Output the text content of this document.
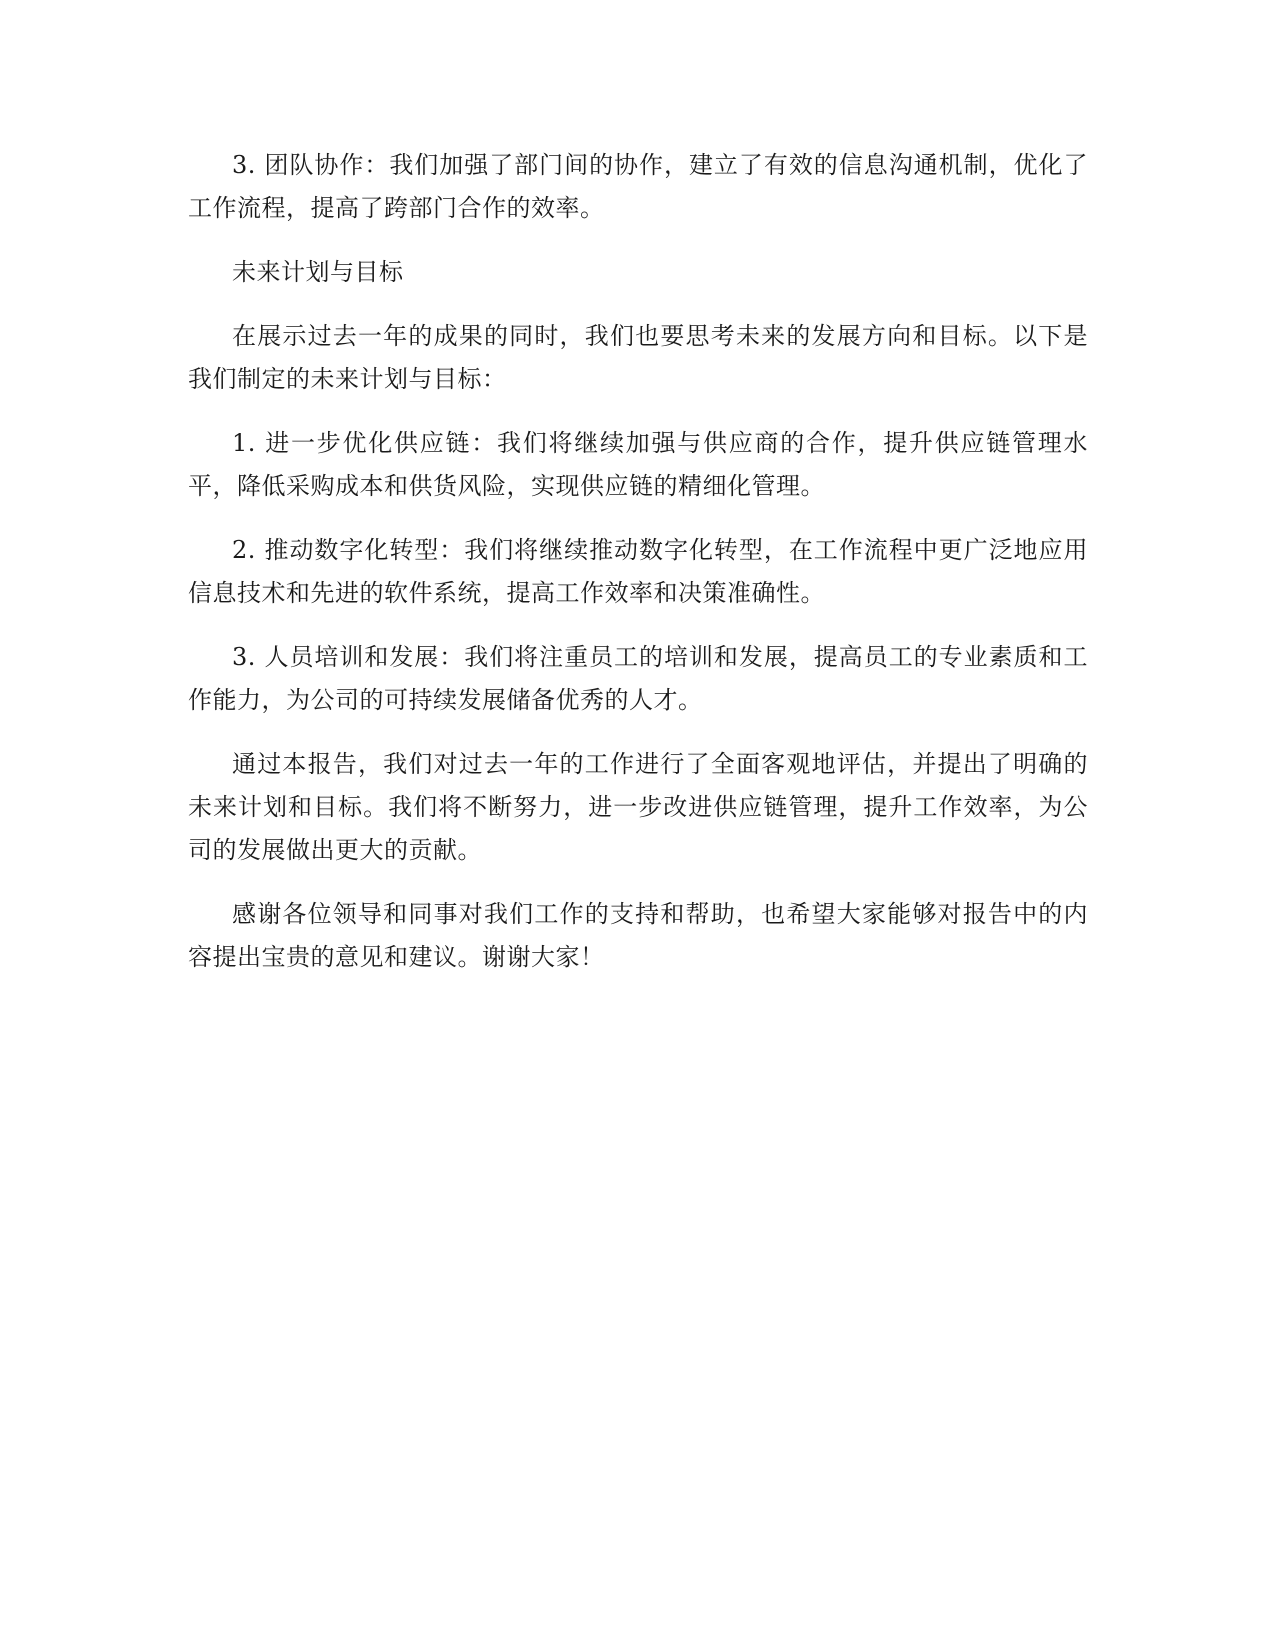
3. 团队协作：我们加强了部门间的协作，建立了有效的信息沟通机制，优化了工作流程，提高了跨部门合作的效率。

未来计划与目标

在展示过去一年的成果的同时，我们也要思考未来的发展方向和目标。以下是我们制定的未来计划与目标：

1. 进一步优化供应链：我们将继续加强与供应商的合作，提升供应链管理水平，降低采购成本和供货风险，实现供应链的精细化管理。

2. 推动数字化转型：我们将继续推动数字化转型，在工作流程中更广泛地应用信息技术和先进的软件系统，提高工作效率和决策准确性。

3. 人员培训和发展：我们将注重员工的培训和发展，提高员工的专业素质和工作能力，为公司的可持续发展储备优秀的人才。

通过本报告，我们对过去一年的工作进行了全面客观地评估，并提出了明确的未来计划和目标。我们将不断努力，进一步改进供应链管理，提升工作效率，为公司的发展做出更大的贡献。

感谢各位领导和同事对我们工作的支持和帮助，也希望大家能够对报告中的内容提出宝贵的意见和建议。谢谢大家！
